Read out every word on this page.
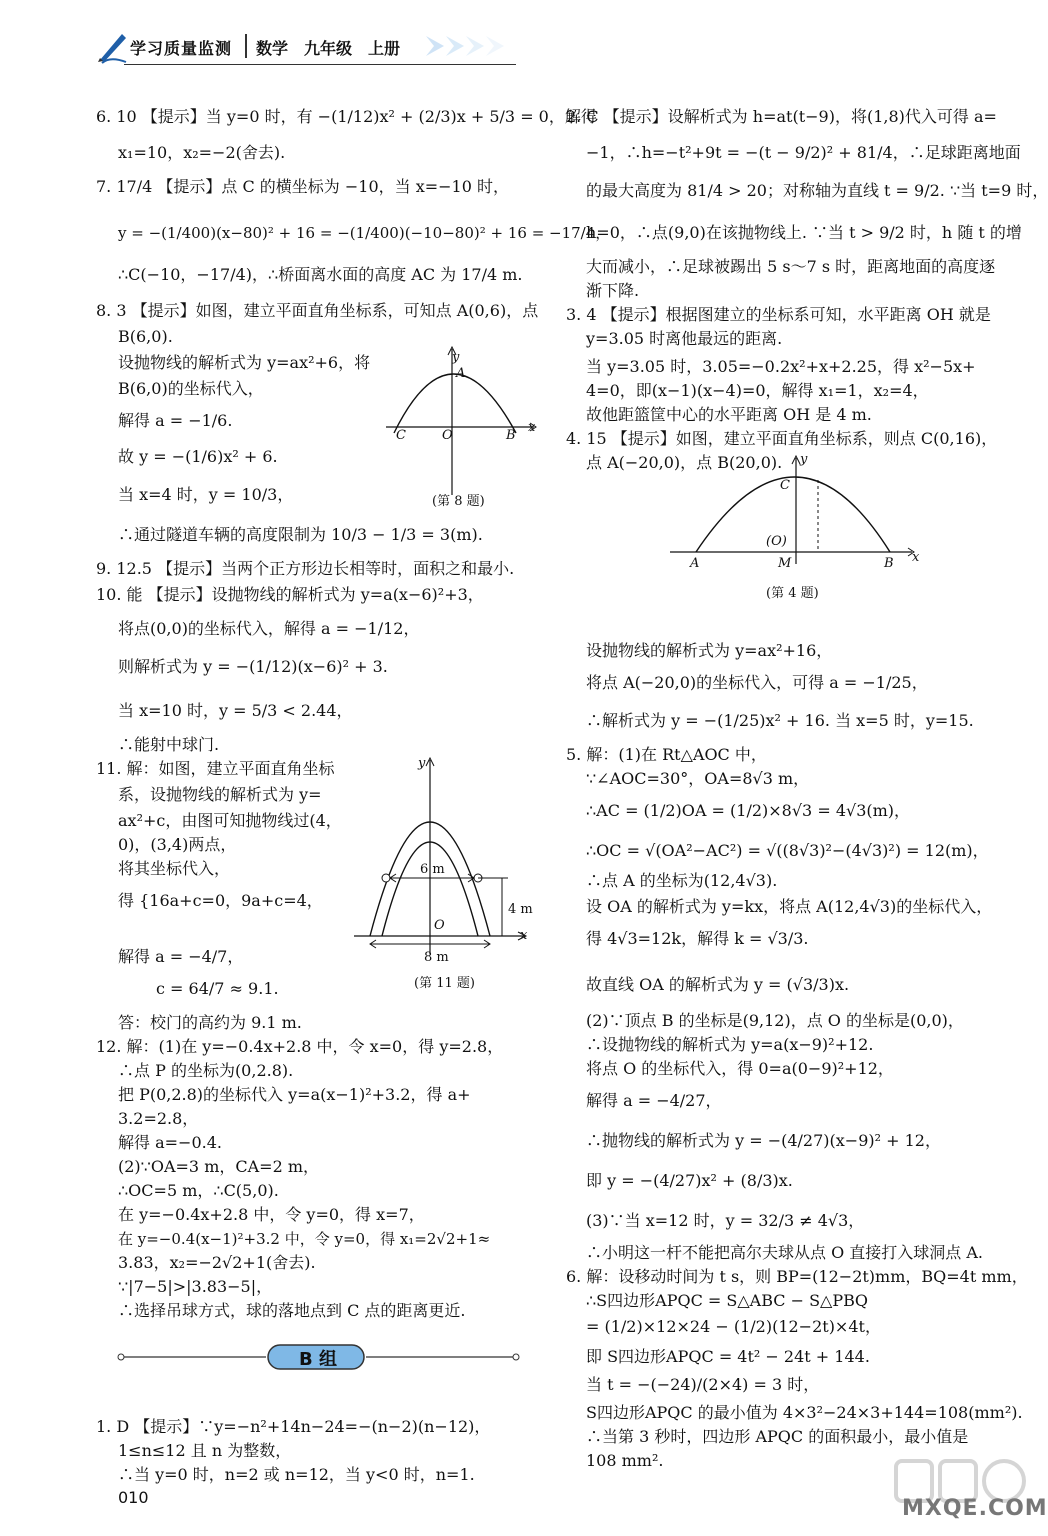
学习质量监测 数学　九年级　上册

6. 10 【提示】当 y=0 时，有 −(1/12)x² + (2/3)x + 5/3 = 0，解得

x₁=10，x₂=−2(舍去).

7. 17/4 【提示】点 C 的横坐标为 −10，当 x=−10 时，

y = −(1/400)(x−80)² + 16 = −(1/400)(−10−80)² + 16 = −17/4，

∴C(−10，−17/4)，∴桥面离水面的高度 AC 为 17/4 m.

8. 3 【提示】如图，建立平面直角坐标系，可知点 A(0,6)，点

B(6,0).

设抛物线的解析式为 y=ax²+6，将

B(6,0)的坐标代入，

解得 a = −1/6.

故 y = −(1/6)x² + 6.

当 x=4 时，y = 10/3，

∴通过隧道车辆的高度限制为 10/3 − 1/3 = 3(m).

9. 12.5 【提示】当两个正方形边长相等时，面积之和最小.

10. 能 【提示】设抛物线的解析式为 y=a(x−6)²+3，

将点(0,0)的坐标代入，解得 a = −1/12，

则解析式为 y = −(1/12)(x−6)² + 3.

当 x=10 时，y = 5/3 < 2.44，

∴能射中球门.

11. 解：如图，建立平面直角坐标

系，设抛物线的解析式为 y=

ax²+c，由图可知抛物线过(4，

0)，(3,4)两点，

将其坐标代入，

得 {16a+c=0，9a+c=4，

解得 a = −4/7，

c = 64/7 ≈ 9.1.

答：校门的高约为 9.1 m.

12. 解：(1)在 y=−0.4x+2.8 中，令 x=0，得 y=2.8，

∴点 P 的坐标为(0,2.8).

把 P(0,2.8)的坐标代入 y=a(x−1)²+3.2，得 a+

3.2=2.8，

解得 a=−0.4.

(2)∵OA=3 m，CA=2 m，

∴OC=5 m，∴C(5,0).

在 y=−0.4x+2.8 中，令 y=0，得 x=7，

在 y=−0.4(x−1)²+3.2 中，令 y=0，得 x₁=2√2+1≈

3.83，x₂=−2√2+1(舍去).

∵|7−5|>|3.83−5|，

∴选择吊球方式，球的落地点到 C 点的距离更近.

1. D 【提示】∵y=−n²+14n−24=−(n−2)(n−12)，

1≤n≤12 且 n 为整数，

∴当 y=0 时，n=2 或 n=12，当 y<0 时，n=1.

B 组
y
A
C	O	B
x
(第 8 题)
y
C
(O)
M
A	B x
(第 4 题)
y
6 m
4 m
O
8 m
x
(第 11 题)

2. C 【提示】设解析式为 h=at(t−9)，将(1,8)代入可得 a=

−1，∴h=−t²+9t = −(t − 9/2)² + 81/4，∴足球距离地面

的最大高度为 81/4 > 20；对称轴为直线 t = 9/2. ∵当 t=9 时，

h=0，∴点(9,0)在该抛物线上. ∵当 t > 9/2 时，h 随 t 的增

大而减小，∴足球被踢出 5 s～7 s 时，距离地面的高度逐

渐下降.

3. 4 【提示】根据图建立的坐标系可知，水平距离 OH 就是

y=3.05 时离他最远的距离.

当 y=3.05 时，3.05=−0.2x²+x+2.25，得 x²−5x+

4=0，即(x−1)(x−4)=0，解得 x₁=1，x₂=4，

故他距篮筐中心的水平距离 OH 是 4 m.

4. 15 【提示】如图，建立平面直角坐标系，则点 C(0,16)，

点 A(−20,0)，点 B(20,0).

设抛物线的解析式为 y=ax²+16，

将点 A(−20,0)的坐标代入，可得 a = −1/25，

∴解析式为 y = −(1/25)x² + 16. 当 x=5 时，y=15.

5. 解：(1)在 Rt△AOC 中，

∵∠AOC=30°，OA=8√3 m，

∴AC = (1/2)OA = (1/2)×8√3 = 4√3(m)，

∴OC = √(OA²−AC²) = √((8√3)²−(4√3)²) = 12(m)，

∴点 A 的坐标为(12,4√3).

设 OA 的解析式为 y=kx，将点 A(12,4√3)的坐标代入，

得 4√3=12k，解得 k = √3/3.

故直线 OA 的解析式为 y = (√3/3)x.

(2)∵顶点 B 的坐标是(9,12)，点 O 的坐标是(0,0)，

∴设抛物线的解析式为 y=a(x−9)²+12.

将点 O 的坐标代入，得 0=a(0−9)²+12，

解得 a = −4/27，

∴抛物线的解析式为 y = −(4/27)(x−9)² + 12，

即 y = −(4/27)x² + (8/3)x.

(3)∵当 x=12 时，y = 32/3 ≠ 4√3，

∴小明这一杆不能把高尔夫球从点 O 直接打入球洞点 A.

6. 解：设移动时间为 t s，则 BP=(12−2t)mm，BQ=4t mm，

∴S四边形APQC = S△ABC − S△PBQ

= (1/2)×12×24 − (1/2)(12−2t)×4t，

即 S四边形APQC = 4t² − 24t + 144.

当 t = −(−24)/(2×4) = 3 时，

S四边形APQC 的最小值为 4×3²−24×3+144=108(mm²).

∴当第 3 秒时，四边形 APQC 的面积最小，最小值是

108 mm².

010	MXQE.COM
